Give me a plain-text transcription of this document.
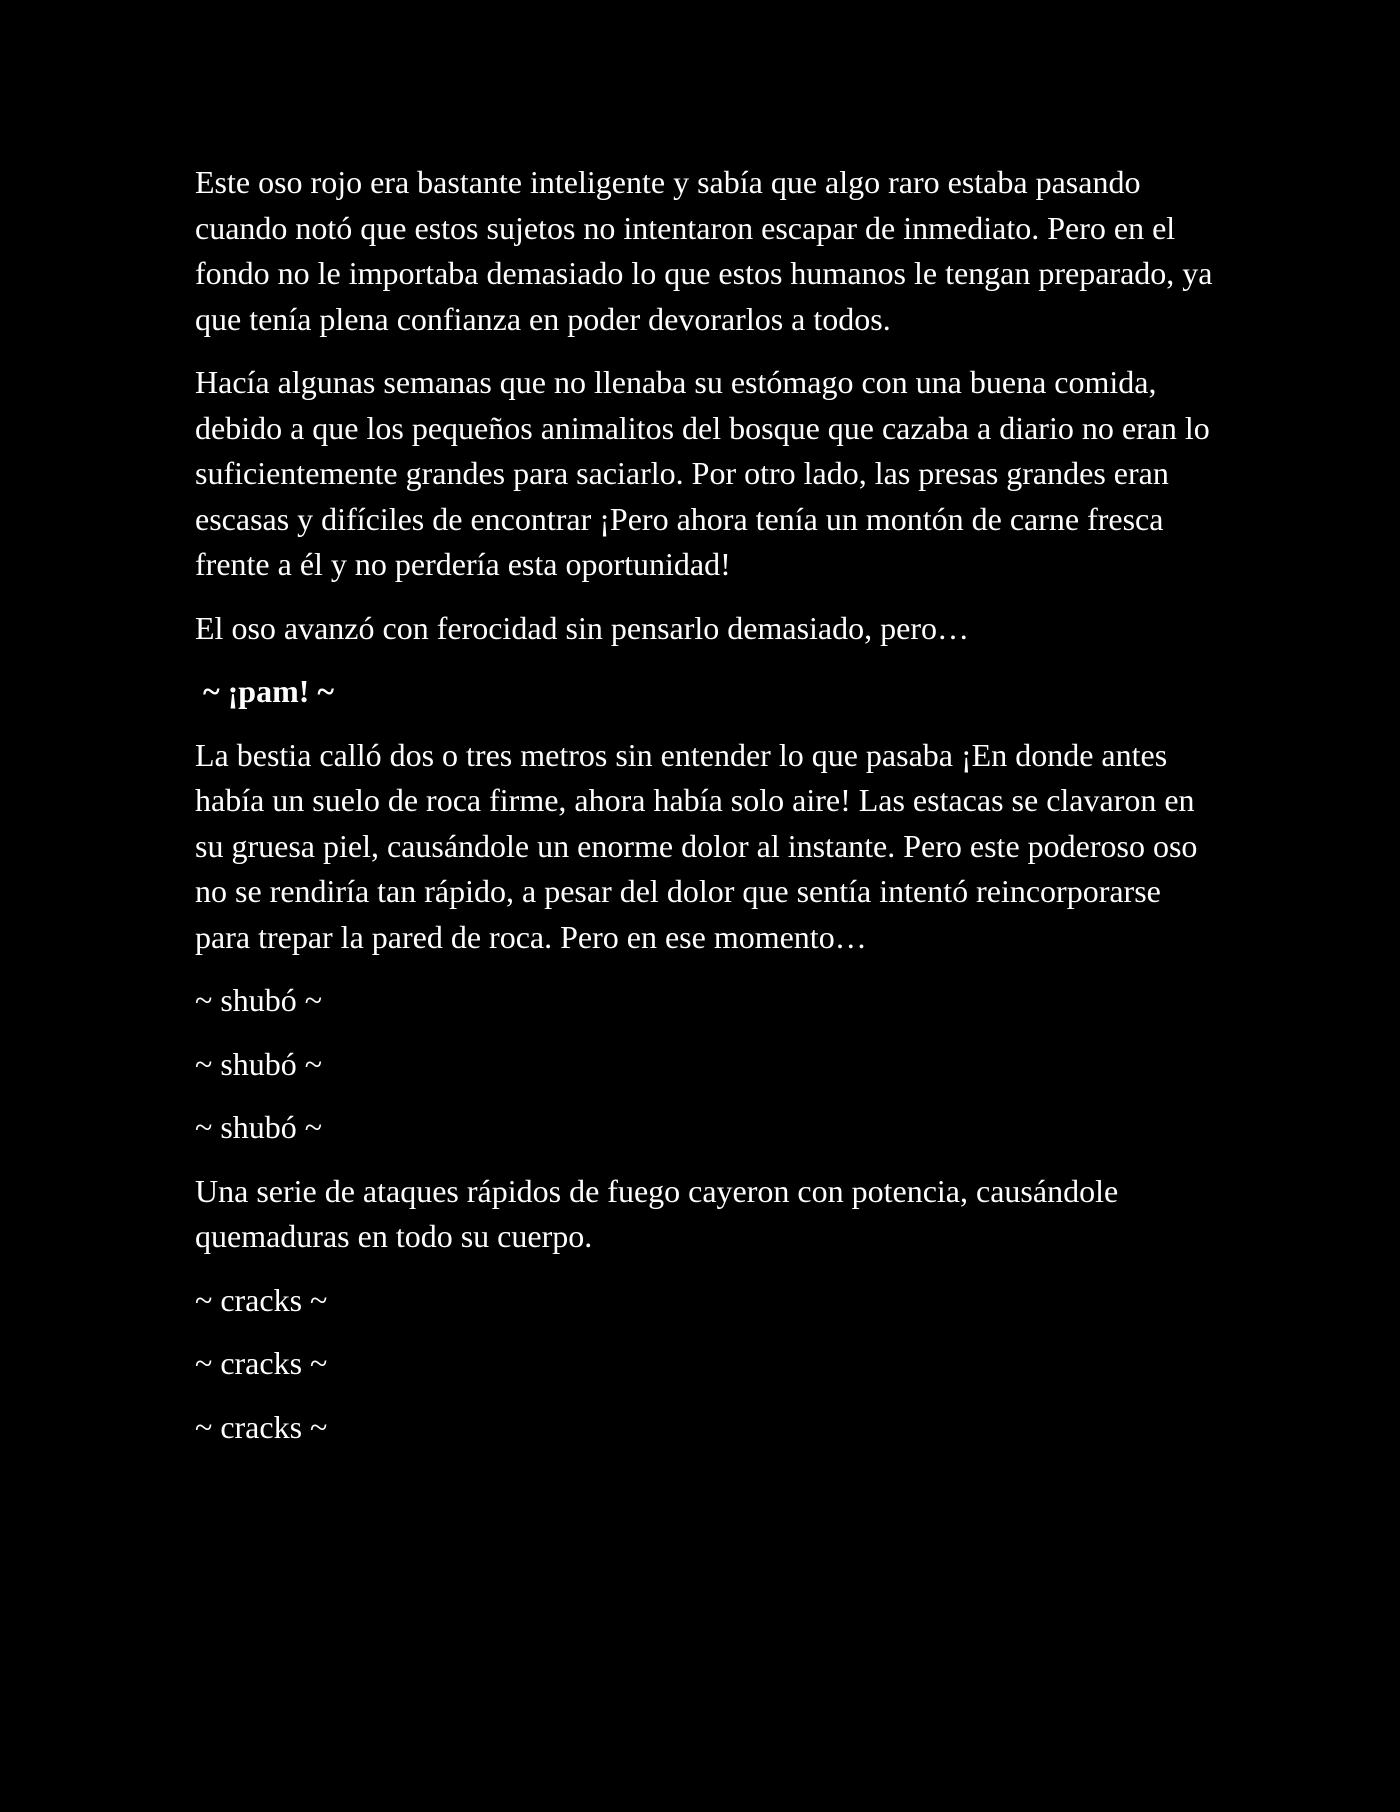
Este oso rojo era bastante inteligente y sabía que algo raro estaba pasando cuando notó que estos sujetos no intentaron escapar de inmediato. Pero en el fondo no le importaba demasiado lo que estos humanos le tengan preparado, ya que tenía plena confianza en poder devorarlos a todos.

Hacía algunas semanas que no llenaba su estómago con una buena comida, debido a que los pequeños animalitos del bosque que cazaba a diario no eran lo suficientemente grandes para saciarlo. Por otro lado, las presas grandes eran escasas y difíciles de encontrar ¡Pero ahora tenía un montón de carne fresca frente a él y no perdería esta oportunidad!

El oso avanzó con ferocidad sin pensarlo demasiado, pero…

~ ¡pam! ~

La bestia calló dos o tres metros sin entender lo que pasaba ¡En donde antes había un suelo de roca firme, ahora había solo aire! Las estacas se clavaron en su gruesa piel, causándole un enorme dolor al instante. Pero este poderoso oso no se rendiría tan rápido, a pesar del dolor que sentía intentó reincorporarse para trepar la pared de roca. Pero en ese momento…

~ shubó ~

~ shubó ~

~ shubó ~

Una serie de ataques rápidos de fuego cayeron con potencia, causándole quemaduras en todo su cuerpo.

~ cracks ~

~ cracks ~

~ cracks ~
